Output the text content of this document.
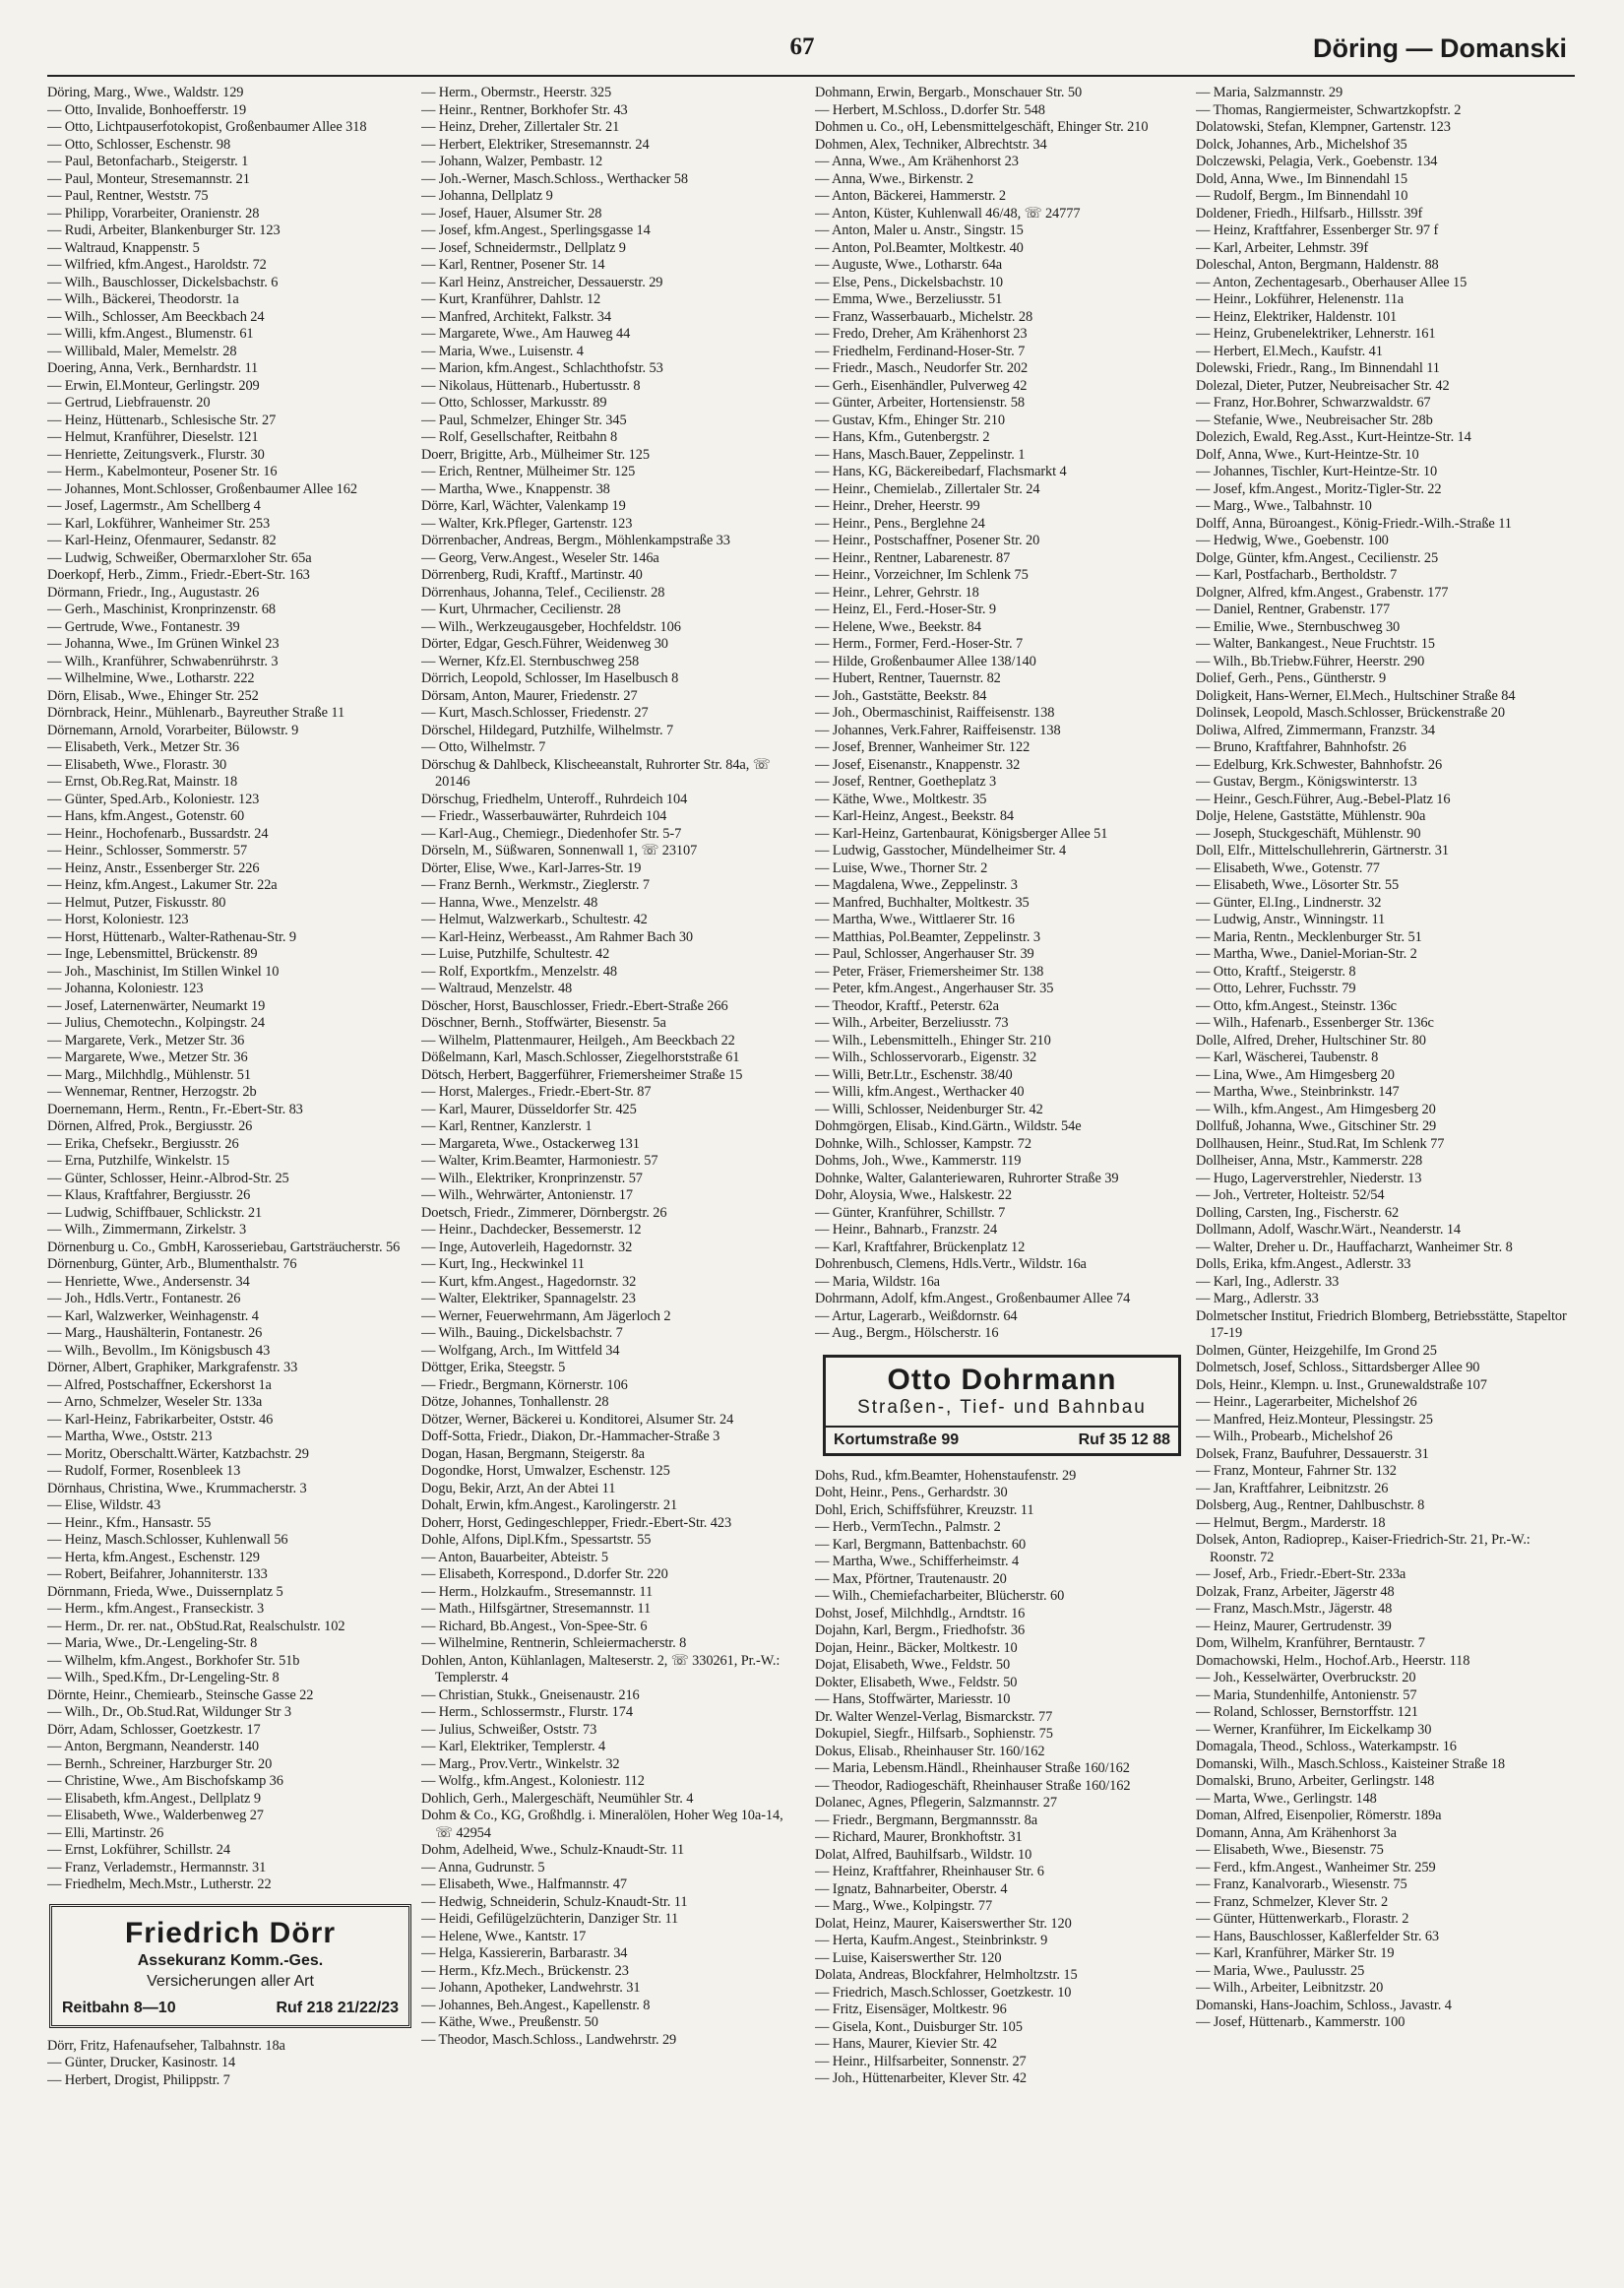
67	Döring — Domanski
Döring, Marg., Wwe., Waldstr. 129
— Otto, Invalide, Bonhoefferstr. 19
— Otto, Lichtpauserfotokopist, Großenbaumer Allee 318
— Otto, Schlosser, Eschenstr. 98
— Paul, Betonfacharb., Steigerstr. 1
— Paul, Monteur, Stresemannstr. 21
— Paul, Rentner, Weststr. 75
— Philipp, Vorarbeiter, Oranienstr. 28
— Rudi, Arbeiter, Blankenburger Str. 123
— Waltraud, Knappenstr. 5
— Wilfried, kfm.Angest., Haroldstr. 72
— Wilh., Bauschlosser, Dickelsbachstr. 6
— Wilh., Bäckerei, Theodorstr. 1a
— Wilh., Schlosser, Am Beeckbach 24
— Willi, kfm.Angest., Blumenstr. 61
— Willibald, Maler, Memelstr. 28
Doering, Anna, Verk., Bernhardstr. 11
— Erwin, El.Monteur, Gerlingstr. 209
— Gertrud, Liebfrauenstr. 20
— Heinz, Hüttenarb., Schlesische Str. 27
— Helmut, Kranführer, Dieselstr. 121
— Henriette, Zeitungsverk., Flurstr. 30
— Herm., Kabelmonteur, Posener Str. 16
— Johannes, Mont.Schlosser, Großenbaumer Allee 162
— Josef, Lagermstr., Am Schellberg 4
— Karl, Lokführer, Wanheimer Str. 253
— Karl-Heinz, Ofenmaurer, Sedanstr. 82
— Ludwig, Schweißer, Obermarxloher Str. 65a
Doerkopf, Herb., Zimm., Friedr.-Ebert-Str. 163
Dörmann, Friedr., Ing., Augustastr. 26
— Gerh., Maschinist, Kronprinzenstr. 68
— Gertrude, Wwe., Fontanestr. 39
— Johanna, Wwe., Im Grünen Winkel 23
— Wilh., Kranführer, Schwabenrührstr. 3
— Wilhelmine, Wwe., Lotharstr. 222
Dörn, Elisab., Wwe., Ehinger Str. 252
Dörnbrack, Heinr., Mühlenarb., Bayreuther Straße 11
Dörnemann, Arnold, Vorarbeiter, Bülowstr. 9
— Elisabeth, Verk., Metzer Str. 36
— Elisabeth, Wwe., Florastr. 30
— Ernst, Ob.Reg.Rat, Mainstr. 18
— Günter, Sped.Arb., Koloniestr. 123
— Hans, kfm.Angest., Gotenstr. 60
— Heinr., Hochofenarb., Bussardstr. 24
— Heinr., Schlosser, Sommerstr. 57
— Heinz, Anstr., Essenberger Str. 226
— Heinz, kfm.Angest., Lakumer Str. 22a
— Helmut, Putzer, Fiskusstr. 80
— Horst, Koloniestr. 123
— Horst, Hüttenarb., Walter-Rathenau-Str. 9
— Inge, Lebensmittel, Brückenstr. 89
— Joh., Maschinist, Im Stillen Winkel 10
— Johanna, Koloniestr. 123
— Josef, Laternenwärter, Neumarkt 19
— Julius, Chemotechn., Kolpingstr. 24
— Margarete, Verk., Metzer Str. 36
— Margarete, Wwe., Metzer Str. 36
— Marg., Milchhdlg., Mühlenstr. 51
— Wennemar, Rentner, Herzogstr. 2b
Doernemann, Herm., Rentn., Fr.-Ebert-Str. 83
Dörnen, Alfred, Prok., Bergiusstr. 26
— Erika, Chefsekr., Bergiusstr. 26
— Erna, Putzhilfe, Winkelstr. 15
— Günter, Schlosser, Heinr.-Albrod-Str. 25
— Klaus, Kraftfahrer, Bergiusstr. 26
— Ludwig, Schiffbauer, Schlickstr. 21
— Wilh., Zimmermann, Zirkelstr. 3
Dörnenburg u. Co., GmbH, Karosseriebau, Gartsträucherstr. 56
Dörnenburg, Günter, Arb., Blumenthalstr. 76
— Henriette, Wwe., Andersenstr. 34
— Joh., Hdls.Vertr., Fontanestr. 26
— Karl, Walzwerker, Weinhagenstr. 4
— Marg., Haushälterin, Fontanestr. 26
— Wilh., Bevollm., Im Königsbusch 43
Dörner, Albert, Graphiker, Markgrafenstr. 33
— Alfred, Postschaffner, Eckershorst 1a
— Arno, Schmelzer, Weseler Str. 133a
— Karl-Heinz, Fabrikarbeiter, Oststr. 46
— Martha, Wwe., Oststr. 213
— Moritz, Oberschaltt.Wärter, Katzbachstr. 29
— Rudolf, Former, Rosenbleek 13
Dörnhaus, Christina, Wwe., Krummacherstr. 3
— Elise, Wildstr. 43
— Heinr., Kfm., Hansastr. 55
— Heinz, Masch.Schlosser, Kuhlenwall 56
— Herta, kfm.Angest., Eschenstr. 129
— Robert, Beifahrer, Johanniterstr. 133
Dörnmann, Frieda, Wwe., Duissernplatz 5
— Herm., kfm.Angest., Franseckistr. 3
— Herm., Dr. rer. nat., ObStud.Rat, Realschulstr. 102
— Maria, Wwe., Dr.-Lengeling-Str. 8
— Wilhelm, kfm.Angest., Borkhofer Str. 51b
— Wilh., Sped.Kfm., Dr-Lengeling-Str. 8
Dörnte, Heinr., Chemiearb., Steinsche Gasse 22
— Wilh., Dr., Ob.Stud.Rat, Wildunger Str 3
Dörr, Adam, Schlosser, Goetzkestr. 17
— Anton, Bergmann, Neanderstr. 140
— Bernh., Schreiner, Harzburger Str. 20
— Christine, Wwe., Am Bischofskamp 36
— Elisabeth, kfm.Angest., Dellplatz 9
— Elisabeth, Wwe., Walderbenweg 27
— Elli, Martinstr. 26
— Ernst, Lokführer, Schillstr. 24
— Franz, Verlademstr., Hermannstr. 31
— Friedhelm, Mech.Mstr., Lutherstr. 22
Friedrich Dörr
Assekuranz Komm.-Ges.
Versicherungen aller Art
Reitbahn 8—10	Ruf 218 21/22/23
Dörr, Fritz, Hafenaufseher, Talbahnstr. 18a
— Günter, Drucker, Kasinostr. 14
— Herbert, Drogist, Philippstr. 7
— Herm., Obermstr., Heerstr. 325
— Heinr., Rentner, Borkhofer Str. 43
— Heinz, Dreher, Zillertaler Str. 21
— Herbert, Elektriker, Stresemannstr. 24
— Johann, Walzer, Pembastr. 12
— Joh.-Werner, Masch.Schloss., Werthacker 58
— Johanna, Dellplatz 9
— Josef, Hauer, Alsumer Str. 28
— Josef, kfm.Angest., Sperlingsgasse 14
— Josef, Schneidermstr., Dellplatz 9
— Karl, Rentner, Posener Str. 14
— Karl Heinz, Anstreicher, Dessauerstr. 29
— Kurt, Kranführer, Dahlstr. 12
— Manfred, Architekt, Falkstr. 34
— Margarete, Wwe., Am Hauweg 44
— Maria, Wwe., Luisenstr. 4
— Marion, kfm.Angest., Schlachthofstr. 53
— Nikolaus, Hüttenarb., Hubertusstr. 8
— Otto, Schlosser, Markusstr. 89
— Paul, Schmelzer, Ehinger Str. 345
— Rolf, Gesellschafter, Reitbahn 8
Doerr, Brigitte, Arb., Mülheimer Str. 125
— Erich, Rentner, Mülheimer Str. 125
— Martha, Wwe., Knappenstr. 38
Dörre, Karl, Wächter, Valenkamp 19
— Walter, Krk.Pfleger, Gartenstr. 123
Dörrenbacher, Andreas, Bergm., Möhlenkampstraße 33
— Georg, Verw.Angest., Weseler Str. 146a
Dörrenberg, Rudi, Kraftf., Martinstr. 40
Dörrenhaus, Johanna, Telef., Cecilienstr. 28
— Kurt, Uhrmacher, Cecilienstr. 28
— Wilh., Werkzeugausgeber, Hochfeldstr. 106
Dörter, Edgar, Gesch.Führer, Weidenweg 30
— Werner, Kfz.El. Sternbuschweg 258
Dörrich, Leopold, Schlosser, Im Haselbusch 8
Dörsam, Anton, Maurer, Friedenstr. 27
— Kurt, Masch.Schlosser, Friedenstr. 27
Dörschel, Hildegard, Putzhilfe, Wilhelmstr. 7
— Otto, Wilhelmstr. 7
Dörschug & Dahlbeck, Klischeeanstalt, Ruhrorter Str. 84a, ☏ 20146
Dörschug, Friedhelm, Unteroff., Ruhrdeich 104
— Friedr., Wasserbauwärter, Ruhrdeich 104
— Karl-Aug., Chemiegr., Diedenhofer Str. 5-7
Dörseln, M., Süßwaren, Sonnenwall 1, ☏ 23107
Dörter, Elise, Wwe., Karl-Jarres-Str. 19
— Franz Bernh., Werkmstr., Zieglerstr. 7
— Hanna, Wwe., Menzelstr. 48
— Helmut, Walzwerkarb., Schultestr. 42
— Karl-Heinz, Werbeasst., Am Rahmer Bach 30
— Luise, Putzhilfe, Schultestr. 42
— Rolf, Exportkfm., Menzelstr. 48
— Waltraud, Menzelstr. 48
Döscher, Horst, Bauschlosser, Friedr.-Ebert-Straße 266
Döschner, Bernh., Stoffwärter, Biesenstr. 5a
— Wilhelm, Plattenmaurer, Heilgeh., Am Beeckbach 22
Dößelmann, Karl, Masch.Schlosser, Ziegelhorststraße 61
Dötsch, Herbert, Baggerführer, Friemersheimer Straße 15
— Horst, Malerges., Friedr.-Ebert-Str. 87
— Karl, Maurer, Düsseldorfer Str. 425
— Karl, Rentner, Kanzlerstr. 1
— Margareta, Wwe., Ostackerweg 131
— Walter, Krim.Beamter, Harmoniestr. 57
— Wilh., Elektriker, Kronprinzenstr. 57
— Wilh., Wehrwärter, Antonienstr. 17
Doetsch, Friedr., Zimmerer, Dörnbergstr. 26
— Heinr., Dachdecker, Bessemerstr. 12
— Inge, Autoverleih, Hagedornstr. 32
— Kurt, Ing., Heckwinkel 11
— Kurt, kfm.Angest., Hagedornstr. 32
— Walter, Elektriker, Spannagelstr. 23
— Werner, Feuerwehrmann, Am Jägerloch 2
— Wilh., Bauing., Dickelsbachstr. 7
— Wolfgang, Arch., Im Wittfeld 34
Döttger, Erika, Steegstr. 5
— Friedr., Bergmann, Körnerstr. 106
Dötze, Johannes, Tonhallenstr. 28
Dötzer, Werner, Bäckerei u. Konditorei, Alsumer Str. 24
Doff-Sotta, Friedr., Diakon, Dr.-Hammacher-Straße 3
Dogan, Hasan, Bergmann, Steigerstr. 8a
Dogondke, Horst, Umwalzer, Eschenstr. 125
Dogu, Bekir, Arzt, An der Abtei 11
Dohalt, Erwin, kfm.Angest., Karolingerstr. 21
Doherr, Horst, Gedingeschlepper, Friedr.-Ebert-Str. 423
Dohle, Alfons, Dipl.Kfm., Spessartstr. 55
— Anton, Bauarbeiter, Abteistr. 5
— Elisabeth, Korrespond., D.dorfer Str. 220
— Herm., Holzkaufm., Stresemannstr. 11
— Math., Hilfsgärtner, Stresemannstr. 11
— Richard, Bb.Angest., Von-Spee-Str. 6
— Wilhelmine, Rentnerin, Schleiermacherstr. 8
Dohlen, Anton, Kühlanlagen, Malteserstr. 2, ☏ 330261, Pr.-W.: Templerstr. 4
— Christian, Stukk., Gneisenaustr. 216
— Herm., Schlossermstr., Flurstr. 174
— Julius, Schweißer, Oststr. 73
— Karl, Elektriker, Templerstr. 4
— Marg., Prov.Vertr., Winkelstr. 32
— Wolfg., kfm.Angest., Koloniestr. 112
Dohlich, Gerh., Malergeschäft, Neumühler Str. 4
Dohm & Co., KG, Großhdlg. i. Mineralölen, Hoher Weg 10a-14, ☏ 42954
Dohm, Adelheid, Wwe., Schulz-Knaudt-Str. 11
— Anna, Gudrunstr. 5
— Elisabeth, Wwe., Halfmannstr. 47
— Hedwig, Schneiderin, Schulz-Knaudt-Str. 11
— Heidi, Gefilügelzüchterin, Danziger Str. 11
— Helene, Wwe., Kantstr. 17
— Helga, Kassiererin, Barbarastr. 34
— Herm., Kfz.Mech., Brückenstr. 23
— Johann, Apotheker, Landwehrstr. 31
— Johannes, Beh.Angest., Kapellenstr. 8
— Käthe, Wwe., Preußenstr. 50
— Theodor, Masch.Schloss., Landwehrstr. 29
Dohmann, Erwin, Bergarb., Monschauer Str. 50
— Herbert, M.Schloss., D.dorfer Str. 548
Dohmen u. Co., oH, Lebensmittelgeschäft, Ehinger Str. 210
Dohmen, Alex, Techniker, Albrechtstr. 34
— Anna, Wwe., Am Krähenhorst 23
— Anna, Wwe., Birkenstr. 2
— Anton, Bäckerei, Hammerstr. 2
— Anton, Küster, Kuhlenwall 46/48, ☏ 24777
— Anton, Maler u. Anstr., Singstr. 15
— Anton, Pol.Beamter, Moltkestr. 40
— Auguste, Wwe., Lotharstr. 64a
— Else, Pens., Dickelsbachstr. 10
— Emma, Wwe., Berzeliusstr. 51
— Franz, Wasserbauarb., Michelstr. 28
— Fredo, Dreher, Am Krähenhorst 23
— Friedhelm, Ferdinand-Hoser-Str. 7
— Friedr., Masch., Neudorfer Str. 202
— Gerh., Eisenhändler, Pulverweg 42
— Günter, Arbeiter, Hortensienstr. 58
— Gustav, Kfm., Ehinger Str. 210
— Hans, Kfm., Gutenbergstr. 2
— Hans, Masch.Bauer, Zeppelinstr. 1
— Hans, KG, Bäckereibedarf, Flachsmarkt 4
— Heinr., Chemielab., Zillertaler Str. 24
— Heinr., Dreher, Heerstr. 99
— Heinr., Pens., Berglehne 24
— Heinr., Postschaffner, Posener Str. 20
— Heinr., Rentner, Labarenestr. 87
— Heinr., Vorzeichner, Im Schlenk 75
— Heinr., Lehrer, Gehrstr. 18
— Heinz, El., Ferd.-Hoser-Str. 9
— Helene, Wwe., Beekstr. 84
— Herm., Former, Ferd.-Hoser-Str. 7
— Hilde, Großenbaumer Allee 138/140
— Hubert, Rentner, Tauernstr. 82
— Joh., Gaststätte, Beekstr. 84
— Joh., Obermaschinist, Raiffeisenstr. 138
— Johannes, Verk.Fahrer, Raiffeisenstr. 138
— Josef, Brenner, Wanheimer Str. 122
— Josef, Eisenanstr., Knappenstr. 32
— Josef, Rentner, Goetheplatz 3
— Käthe, Wwe., Moltkestr. 35
— Karl-Heinz, Angest., Beekstr. 84
— Karl-Heinz, Gartenbaurat, Königsberger Allee 51
— Ludwig, Gasstocher, Mündelheimer Str. 4
— Luise, Wwe., Thorner Str. 2
— Magdalena, Wwe., Zeppelinstr. 3
— Manfred, Buchhalter, Moltkestr. 35
— Martha, Wwe., Wittlaerer Str. 16
— Matthias, Pol.Beamter, Zeppelinstr. 3
— Paul, Schlosser, Angerhauser Str. 39
— Peter, Fräser, Friemersheimer Str. 138
— Peter, kfm.Angest., Angerhauser Str. 35
— Theodor, Kraftf., Peterstr. 62a
— Wilh., Arbeiter, Berzeliusstr. 73
— Wilh., Lebensmittelh., Ehinger Str. 210
— Wilh., Schlosservorarb., Eigenstr. 32
— Willi, Betr.Ltr., Eschenstr. 38/40
— Willi, kfm.Angest., Werthacker 40
— Willi, Schlosser, Neidenburger Str. 42
Dohmgörgen, Elisab., Kind.Gärtn., Wildstr. 54e
Dohnke, Wilh., Schlosser, Kampstr. 72
Dohms, Joh., Wwe., Kammerstr. 119
Dohnke, Walter, Galanteriewaren, Ruhrorter Straße 39
Dohr, Aloysia, Wwe., Halskestr. 22
— Günter, Kranführer, Schillstr. 7
— Heinr., Bahnarb., Franzstr. 24
— Karl, Kraftfahrer, Brückenplatz 12
Dohrenbusch, Clemens, Hdls.Vertr., Wildstr. 16a
— Maria, Wildstr. 16a
Dohrmann, Adolf, kfm.Angest., Großenbaumer Allee 74
— Artur, Lagerarb., Weißdornstr. 64
— Aug., Bergm., Hölscherstr. 16
Otto Dohrmann
Straßen-, Tief- und Bahnbau
Kortumstraße 99	Ruf 35 12 88
Dohs, Rud., kfm.Beamter, Hohenstaufenstr. 29
Doht, Heinr., Pens., Gerhardstr. 30
Dohl, Erich, Schiffsführer, Kreuzstr. 11
— Herb., VermTechn., Palmstr. 2
— Karl, Bergmann, Battenbachstr. 60
— Martha, Wwe., Schifferheimstr. 4
— Max, Pförtner, Trautenaustr. 20
— Wilh., Chemiefacharbeiter, Blücherstr. 60
Dohst, Josef, Milchhdlg., Arndtstr. 16
Dojahn, Karl, Bergm., Friedhofstr. 36
Dojan, Heinr., Bäcker, Moltkestr. 10
Dojat, Elisabeth, Wwe., Feldstr. 50
Dokter, Elisabeth, Wwe., Feldstr. 50
— Hans, Stoffwärter, Mariesstr. 10
Dr. Walter Wenzel-Verlag, Bismarckstr. 77
Dokupiel, Siegfr., Hilfsarb., Sophienstr. 75
Dokus, Elisab., Rheinhauser Str. 160/162
— Maria, Lebensm.Händl., Rheinhauser Straße 160/162
— Theodor, Radiogeschäft, Rheinhauser Straße 160/162
Dolanec, Agnes, Pflegerin, Salzmannstr. 27
— Friedr., Bergmann, Bergmannsstr. 8a
— Richard, Maurer, Bronkhoftstr. 31
Dolat, Alfred, Bauhilfsarb., Wildstr. 10
— Heinz, Kraftfahrer, Rheinhauser Str. 6
— Ignatz, Bahnarbeiter, Oberstr. 4
— Marg., Wwe., Kolpingstr. 77
Dolat, Heinz, Maurer, Kaiserswerther Str. 120
— Herta, Kaufm.Angest., Steinbrinkstr. 9
— Luise, Kaiserswerther Str. 120
Dolata, Andreas, Blockfahrer, Helmholtzstr. 15
— Friedrich, Masch.Schlosser, Goetzkestr. 10
— Fritz, Eisensäger, Moltkestr. 96
— Gisela, Kont., Duisburger Str. 105
— Hans, Maurer, Kievier Str. 42
— Heinr., Hilfsarbeiter, Sonnenstr. 27
— Joh., Hüttenarbeiter, Klever Str. 42
— Maria, Salzmannstr. 29
— Thomas, Rangiermeister, Schwartzkopfstr. 2
Dolatowski, Stefan, Klempner, Gartenstr. 123
Dolck, Johannes, Arb., Michelshof 35
Dolczewski, Pelagia, Verk., Goebenstr. 134
Dold, Anna, Wwe., Im Binnendahl 15
— Rudolf, Bergm., Im Binnendahl 10
Doldener, Friedh., Hilfsarb., Hillsstr. 39f
— Heinz, Kraftfahrer, Essenberger Str. 97 f
— Karl, Arbeiter, Lehmstr. 39f
Doleschal, Anton, Bergmann, Haldenstr. 88
— Anton, Zechentagesarb., Oberhauser Allee 15
— Heinr., Lokführer, Helenenstr. 11a
— Heinz, Elektriker, Haldenstr. 101
— Heinz, Grubenelektriker, Lehnerstr. 161
— Herbert, El.Mech., Kaufstr. 41
Dolewski, Friedr., Rang., Im Binnendahl 11
Dolezal, Dieter, Putzer, Neubreisacher Str. 42
— Franz, Hor.Bohrer, Schwarzwaldstr. 67
— Stefanie, Wwe., Neubreisacher Str. 28b
Dolezich, Ewald, Reg.Asst., Kurt-Heintze-Str. 14
Dolf, Anna, Wwe., Kurt-Heintze-Str. 10
— Johannes, Tischler, Kurt-Heintze-Str. 10
— Josef, kfm.Angest., Moritz-Tigler-Str. 22
— Marg., Wwe., Talbahnstr. 10
Dolff, Anna, Büroangest., König-Friedr.-Wilh.-Straße 11
— Hedwig, Wwe., Goebenstr. 100
Dolge, Günter, kfm.Angest., Cecilienstr. 25
— Karl, Postfacharb., Bertholdstr. 7
Dolgner, Alfred, kfm.Angest., Grabenstr. 177
— Daniel, Rentner, Grabenstr. 177
— Emilie, Wwe., Sternbuschweg 30
— Walter, Bankangest., Neue Fruchtstr. 15
— Wilh., Bb.Triebw.Führer, Heerstr. 290
Dolief, Gerh., Pens., Güntherstr. 9
Doligkeit, Hans-Werner, El.Mech., Hultschiner Straße 84
Dolinsek, Leopold, Masch.Schlosser, Brückenstraße 20
Doliwa, Alfred, Zimmermann, Franzstr. 34
— Bruno, Kraftfahrer, Bahnhofstr. 26
— Edelburg, Krk.Schwester, Bahnhofstr. 26
— Gustav, Bergm., Königswinterstr. 13
— Heinr., Gesch.Führer, Aug.-Bebel-Platz 16
Dolje, Helene, Gaststätte, Mühlenstr. 90a
— Joseph, Stuckgeschäft, Mühlenstr. 90
Doll, Elfr., Mittelschullehrerin, Gärtnerstr. 31
— Elisabeth, Wwe., Gotenstr. 77
— Elisabeth, Wwe., Lösorter Str. 55
— Günter, El.Ing., Lindnerstr. 32
— Ludwig, Anstr., Winningstr. 11
— Maria, Rentn., Mecklenburger Str. 51
— Martha, Wwe., Daniel-Morian-Str. 2
— Otto, Kraftf., Steigerstr. 8
— Otto, Lehrer, Fuchsstr. 79
— Otto, kfm.Angest., Steinstr. 136c
— Wilh., Hafenarb., Essenberger Str. 136c
Dolle, Alfred, Dreher, Hultschiner Str. 80
— Karl, Wäscherei, Taubenstr. 8
— Lina, Wwe., Am Himgesberg 20
— Martha, Wwe., Steinbrinkstr. 147
— Wilh., kfm.Angest., Am Himgesberg 20
Dollfuß, Johanna, Wwe., Gitschiner Str. 29
Dollhausen, Heinr., Stud.Rat, Im Schlenk 77
Dollheiser, Anna, Mstr., Kammerstr. 228
— Hugo, Lagerverstrehler, Niederstr. 13
— Joh., Vertreter, Holteistr. 52/54
Dolling, Carsten, Ing., Fischerstr. 62
Dollmann, Adolf, Waschr.Wärt., Neanderstr. 14
— Walter, Dreher u. Dr., Hauffacharzt, Wanheimer Str. 8
Dolls, Erika, kfm.Angest., Adlerstr. 33
— Karl, Ing., Adlerstr. 33
— Marg., Adlerstr. 33
Dolmetscher Institut, Friedrich Blomberg, Betriebsstätte, Stapeltor 17-19
Dolmen, Günter, Heizgehilfe, Im Grond 25
Dolmetsch, Josef, Schloss., Sittardsberger Allee 90
Dols, Heinr., Klempn. u. Inst., Grunewaldstraße 107
— Heinr., Lagerarbeiter, Michelshof 26
— Manfred, Heiz.Monteur, Plessingstr. 25
— Wilh., Probearb., Michelshof 26
Dolsek, Franz, Baufuhrer, Dessauerstr. 31
— Franz, Monteur, Fahrner Str. 132
— Jan, Kraftfahrer, Leibnitzstr. 26
Dolsberg, Aug., Rentner, Dahlbuschstr. 8
— Helmut, Bergm., Marderstr. 18
Dolsek, Anton, Radioprep., Kaiser-Friedrich-Str. 21, Pr.-W.: Roonstr. 72
— Josef, Arb., Friedr.-Ebert-Str. 233a
Dolzak, Franz, Arbeiter, Jägerstr 48
— Franz, Masch.Mstr., Jägerstr. 48
— Heinz, Maurer, Gertrudenstr. 39
Dom, Wilhelm, Kranführer, Berntaustr. 7
Domachowski, Helm., Hochof.Arb., Heerstr. 118
— Joh., Kesselwärter, Overbruckstr. 20
— Maria, Stundenhilfe, Antonienstr. 57
— Roland, Schlosser, Bernstorffstr. 121
— Werner, Kranführer, Im Eickelkamp 30
Domagala, Theod., Schloss., Waterkampstr. 16
Domanski, Wilh., Masch.Schloss., Kaisteiner Straße 18
Domalski, Bruno, Arbeiter, Gerlingstr. 148
— Marta, Wwe., Gerlingstr. 148
Doman, Alfred, Eisenpolier, Römerstr. 189a
Domann, Anna, Am Krähenhorst 3a
— Elisabeth, Wwe., Biesenstr. 75
— Ferd., kfm.Angest., Wanheimer Str. 259
— Franz, Kanalvorarb., Wiesenstr. 75
— Franz, Schmelzer, Klever Str. 2
— Günter, Hüttenwerkarb., Florastr. 2
— Hans, Bauschlosser, Kaßlerfelder Str. 63
— Karl, Kranführer, Märker Str. 19
— Maria, Wwe., Paulusstr. 25
— Wilh., Arbeiter, Leibnitzstr. 20
Domanski, Hans-Joachim, Schloss., Javastr. 4
— Josef, Hüttenarb., Kammerstr. 100
